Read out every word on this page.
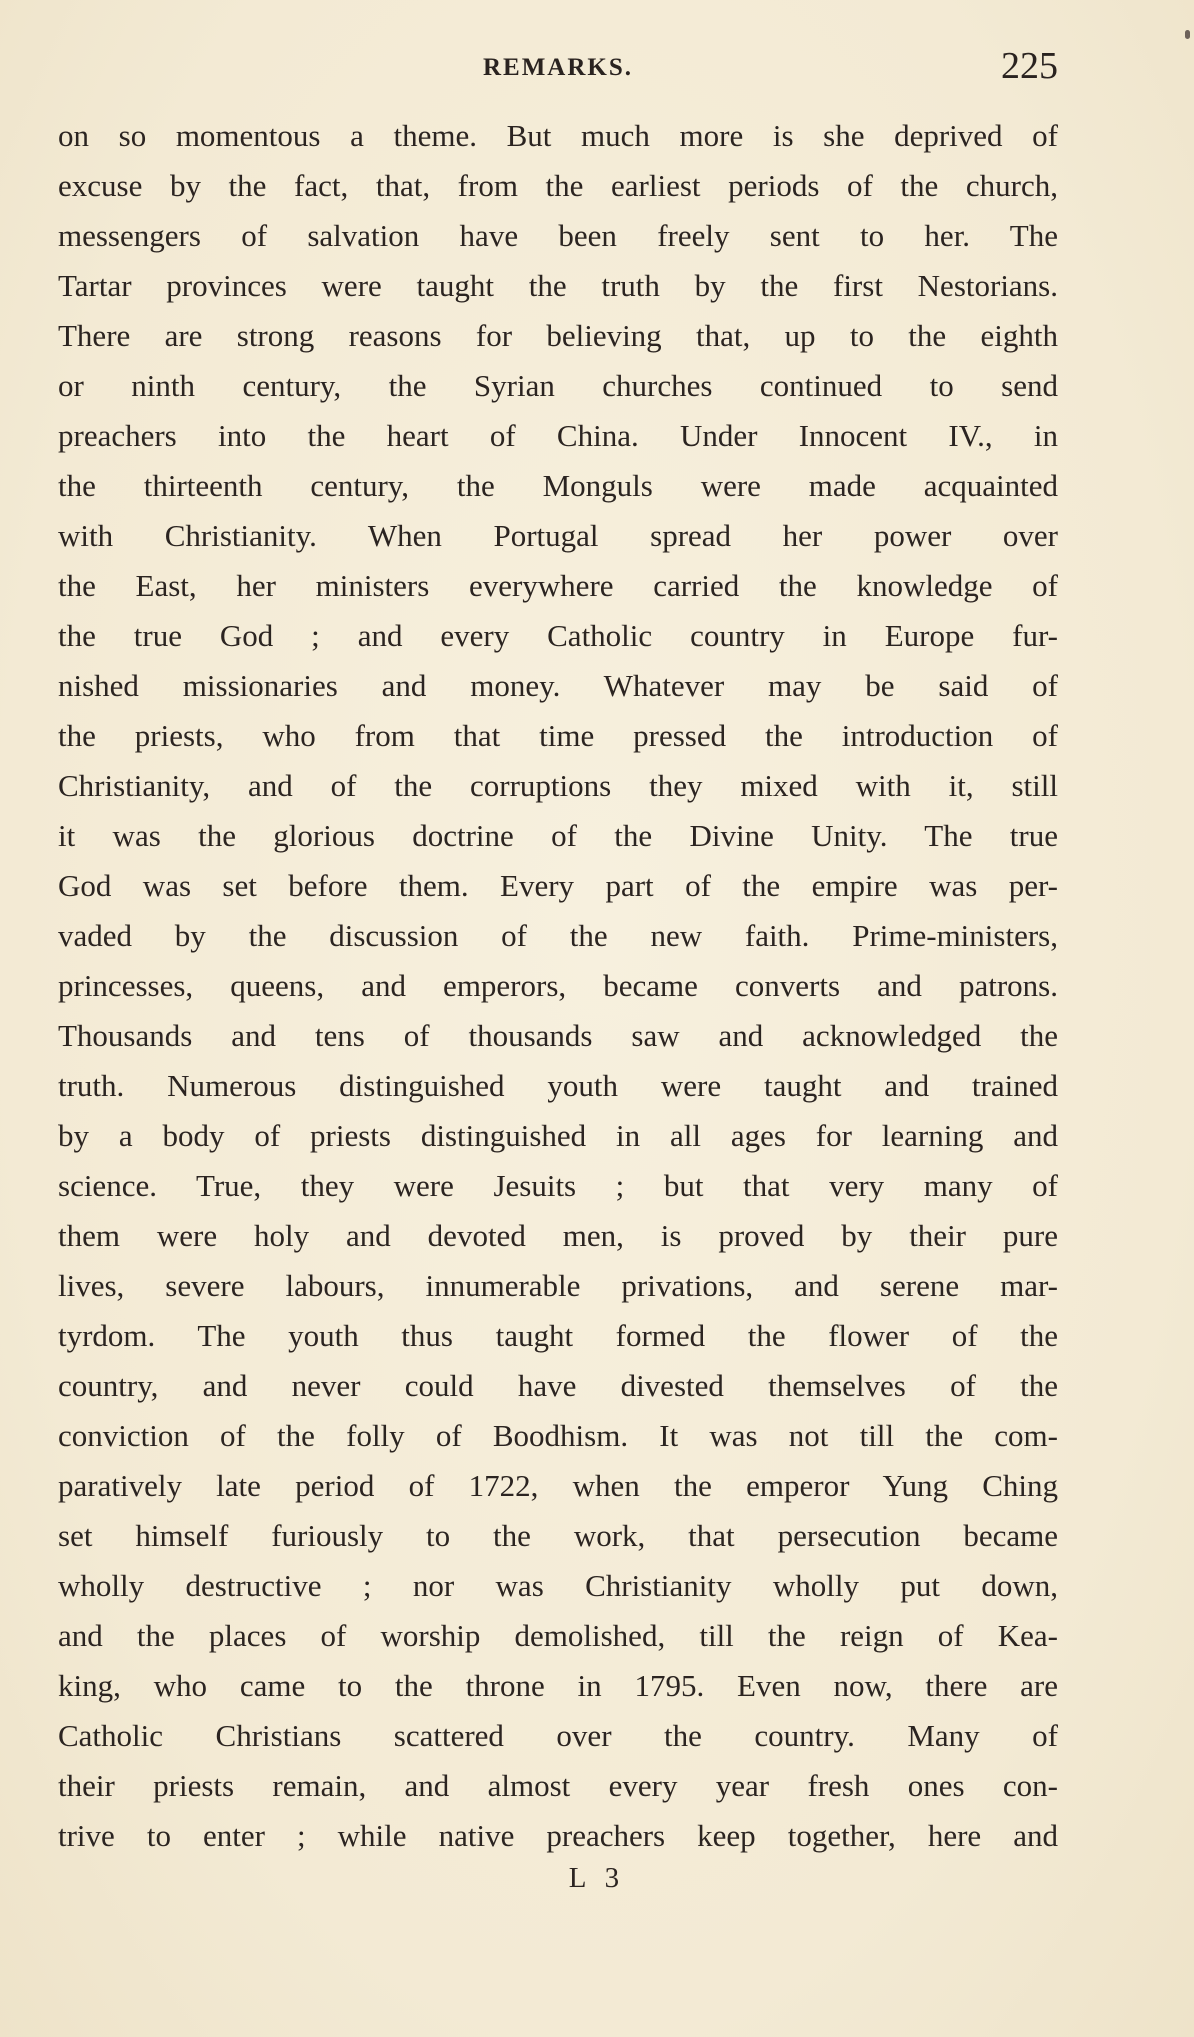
REMARKS.	225
on so momentous a theme. But much more is she deprived of
excuse by the fact, that, from the earliest periods of the church,
messengers of salvation have been freely sent to her. The
Tartar provinces were taught the truth by the first Nestorians.
There are strong reasons for believing that, up to the eighth
or ninth century, the Syrian churches continued to send
preachers into the heart of China. Under Innocent IV., in
the thirteenth century, the Monguls were made acquainted
with Christianity. When Portugal spread her power over
the East, her ministers everywhere carried the knowledge of
the true God ; and every Catholic country in Europe fur-
nished missionaries and money. Whatever may be said of
the priests, who from that time pressed the introduction of
Christianity, and of the corruptions they mixed with it, still
it was the glorious doctrine of the Divine Unity. The true
God was set before them. Every part of the empire was per-
vaded by the discussion of the new faith. Prime-ministers,
princesses, queens, and emperors, became converts and patrons.
Thousands and tens of thousands saw and acknowledged the
truth. Numerous distinguished youth were taught and trained
by a body of priests distinguished in all ages for learning and
science. True, they were Jesuits ; but that very many of
them were holy and devoted men, is proved by their pure
lives, severe labours, innumerable privations, and serene mar-
tyrdom. The youth thus taught formed the flower of the
country, and never could have divested themselves of the
conviction of the folly of Boodhism. It was not till the com-
paratively late period of 1722, when the emperor Yung Ching
set himself furiously to the work, that persecution became
wholly destructive ; nor was Christianity wholly put down,
and the places of worship demolished, till the reign of Kea-
king, who came to the throne in 1795. Even now, there are
Catholic Christians scattered over the country. Many of
their priests remain, and almost every year fresh ones con-
trive to enter ; while native preachers keep together, here and
L 3
